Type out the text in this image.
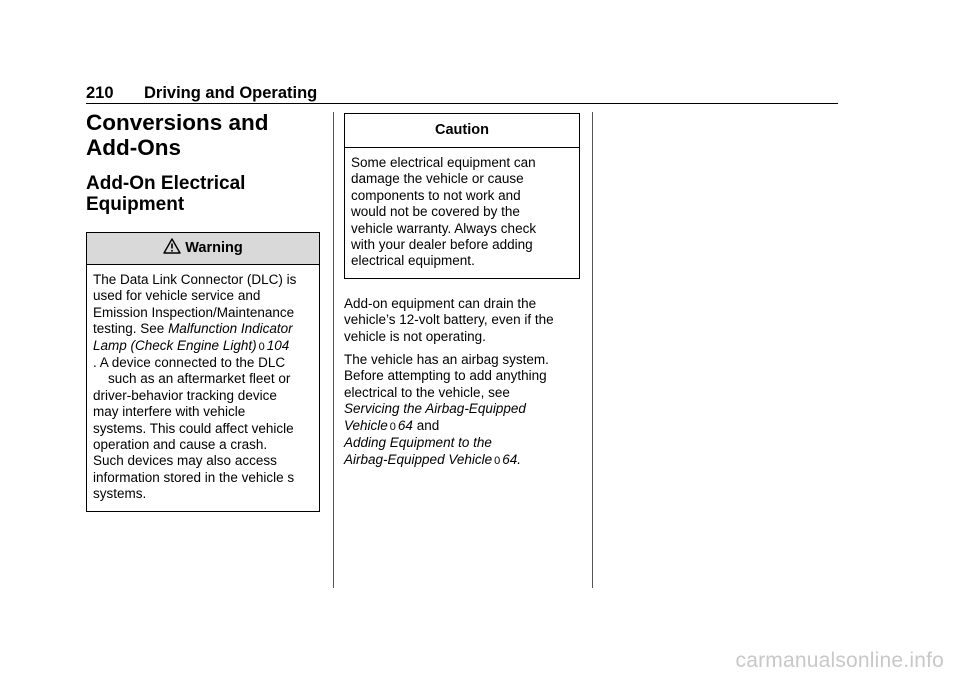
210 Driving and Operating
Conversions and
Add-Ons
Add-On Electrical
Equipment
Warning
The Data Link Connector (DLC) is
used for vehicle service and
Emission Inspection/Maintenance
testing. See Malfunction Indicator
Lamp (Check Engine Light) 0 104
. A device connected to the DLC
such as an aftermarket fleet or
driver-behavior tracking device
may interfere with vehicle
systems. This could affect vehicle
operation and cause a crash.
Such devices may also access
information stored in the vehicle s
systems.
Caution
Some electrical equipment can
damage the vehicle or cause
components to not work and
would not be covered by the
vehicle warranty. Always check
with your dealer before adding
electrical equipment.
Add-on equipment can drain the
vehicle’s 12-volt battery, even if the
vehicle is not operating.
The vehicle has an airbag system.
Before attempting to add anything
electrical to the vehicle, see
Servicing the Airbag-Equipped
Vehicle 0 64 and
Adding Equipment to the
Airbag-Equipped Vehicle 0 64.
carmanualsonline.info
